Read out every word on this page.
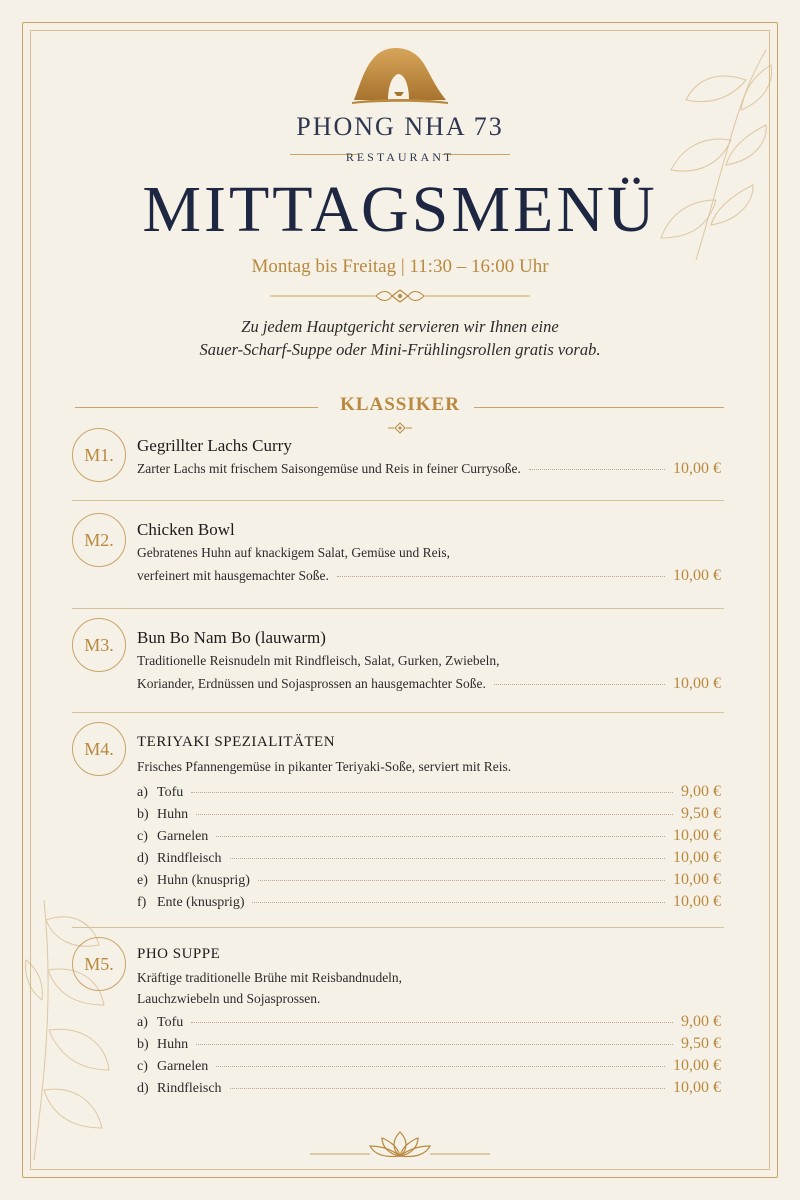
PHONG NHA 73
RESTAURANT
MITTAGSMENÜ
Montag bis Freitag | 11:30 – 16:00 Uhr
Zu jedem Hauptgericht servieren wir Ihnen eine
Sauer-Scharf-Suppe oder Mini-Frühlingsrollen gratis vorab.
KLASSIKER
M1.	Gegrillter Lachs Curry
Zarter Lachs mit frischem Saisongemüse und Reis in feiner Currysoße.	10,00 €
M2.	Chicken Bowl
Gebratenes Huhn auf knackigem Salat, Gemüse und Reis,
verfeinert mit hausgemachter Soße.	10,00 €
M3.	Bun Bo Nam Bo (lauwarm)
Traditionelle Reisnudeln mit Rindfleisch, Salat, Gurken, Zwiebeln,
Koriander, Erdnüssen und Sojasprossen an hausgemachter Soße.	10,00 €
M4.	TERIYAKI SPEZIALITÄTEN
Frisches Pfannengemüse in pikanter Teriyaki-Soße, serviert mit Reis.
a) Tofu	9,00 €
b) Huhn	9,50 €
c) Garnelen	10,00 €
d) Rindfleisch	10,00 €
e) Huhn (knusprig)	10,00 €
f) Ente (knusprig)	10,00 €
M5.	PHO SUPPE
Kräftige traditionelle Brühe mit Reisbandnudeln,
Lauchzwiebeln und Sojasprossen.
a) Tofu	9,00 €
b) Huhn	9,50 €
c) Garnelen	10,00 €
d) Rindfleisch	10,00 €
